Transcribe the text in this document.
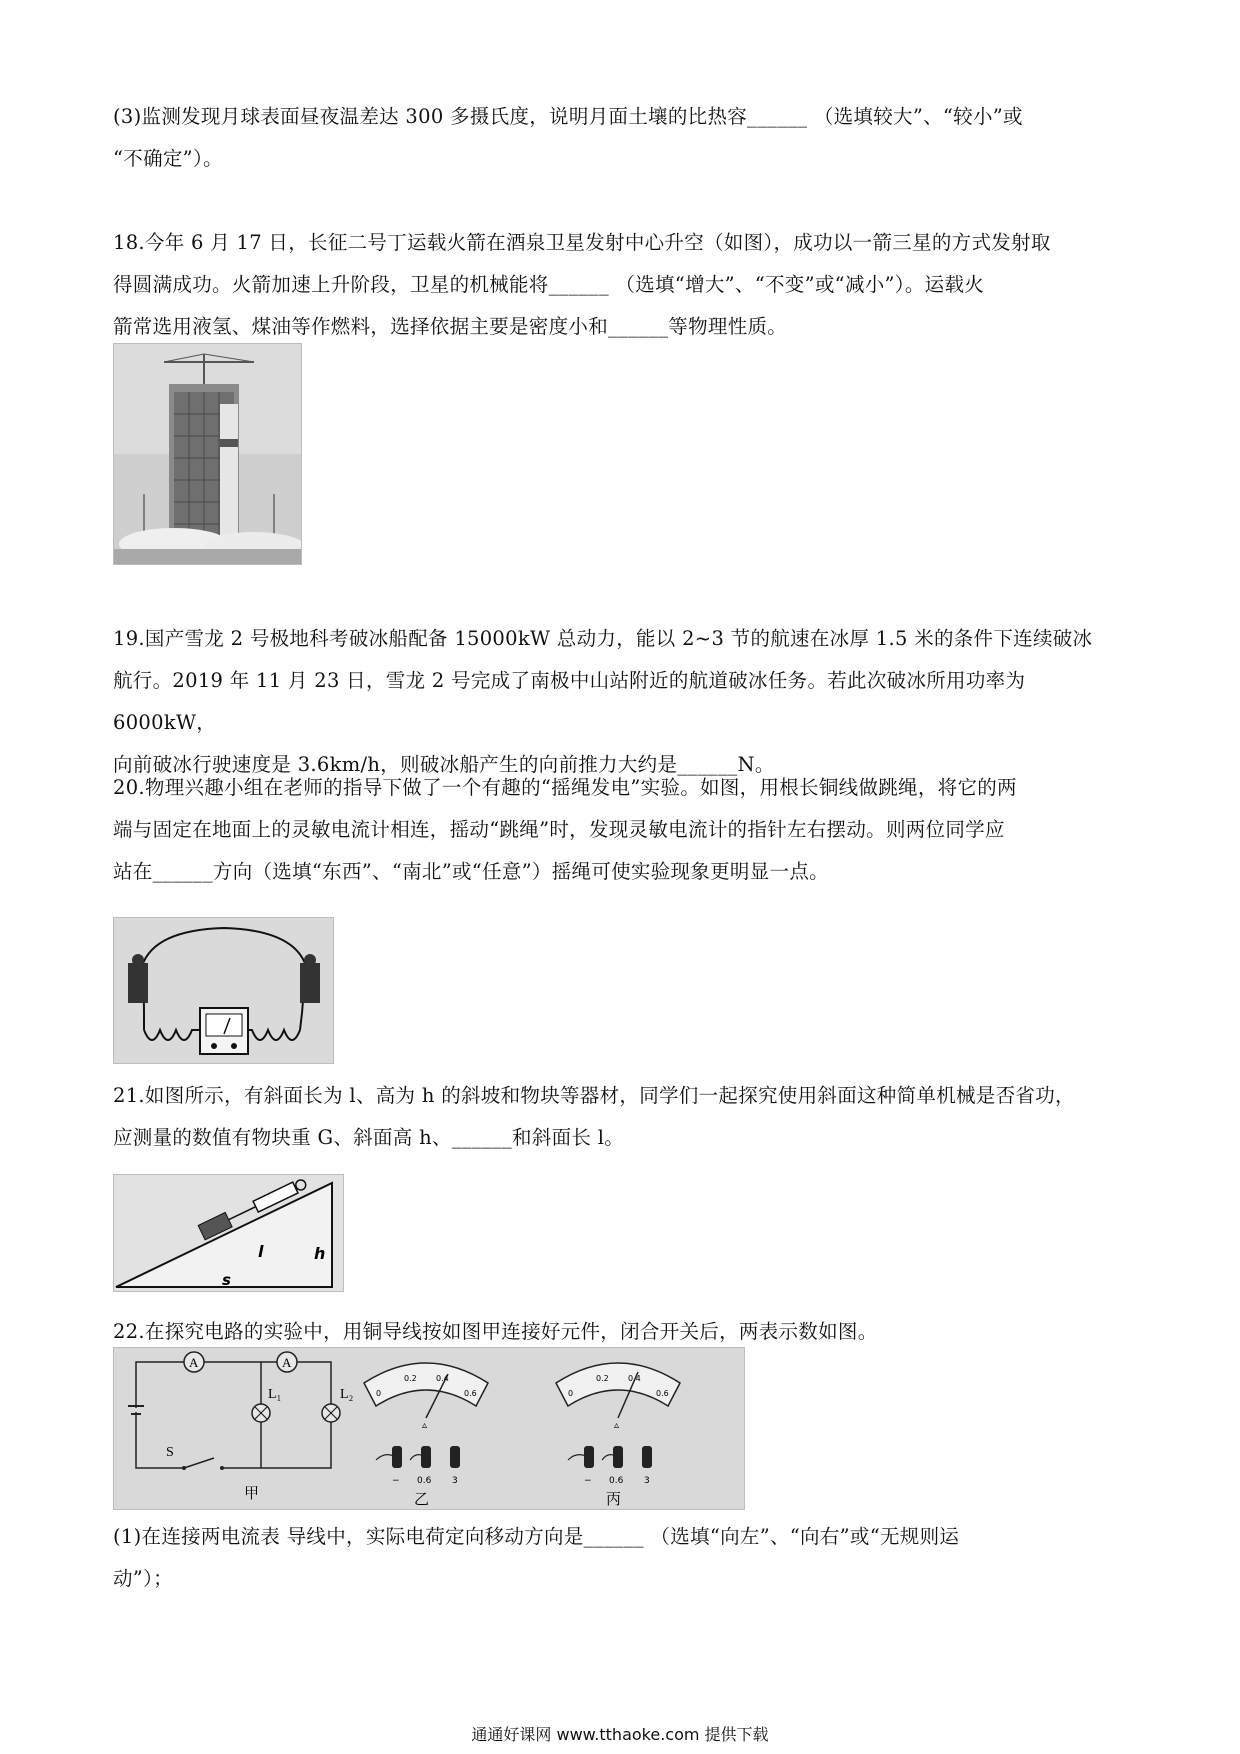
(3)监测发现月球表面昼夜温差达 300 多摄氏度，说明月面土壤的比热容______ （选填较大”、“较小”或

“不确定”）。

18.今年 6 月 17 日，长征二号丁运载火箭在酒泉卫星发射中心升空（如图），成功以一箭三星的方式发射取

得圆满成功。火箭加速上升阶段，卫星的机械能将______ （选填“增大”、“不变”或“减小”）。运载火

箭常选用液氢、煤油等作燃料，选择依据主要是密度小和______等物理性质。

19.国产雪龙 2 号极地科考破冰船配备 15000kW 总动力，能以 2~3 节的航速在冰厚 1.5 米的条件下连续破冰

航行。2019 年 11 月 23 日，雪龙 2 号完成了南极中山站附近的航道破冰任务。若此次破冰所用功率为 6000kW，

向前破冰行驶速度是 3.6km/h，则破冰船产生的向前推力大约是______N。

20.物理兴趣小组在老师的指导下做了一个有趣的“摇绳发电”实验。如图，用根长铜线做跳绳，将它的两

端与固定在地面上的灵敏电流计相连，摇动“跳绳”时，发现灵敏电流计的指针左右摆动。则两位同学应

站在______方向（选填“东西”、“南北”或“任意”）摇绳可使实验现象更明显一点。

21.如图所示，有斜面长为 l、高为 h 的斜坡和物块等器材，同学们一起探究使用斜面这种简单机械是否省功，

应测量的数值有物块重 G、斜面高 h、______和斜面长 l。

l	h
s

22.在探究电路的实验中，用铜导线按如图甲连接好元件，闭合开关后，两表示数如图。

A	A
L₁	L₂
S
甲
0
0.2 0.4
0.6
▵
− 0.6 3
乙
0
0.2 0.4
0.6
▵
− 0.6 3
丙

(1)在连接两电流表 导线中，实际电荷定向移动方向是______ （选填“向左”、“向右”或“无规则运

动”）；

通通好课网 www.tthaoke.com 提供下载
